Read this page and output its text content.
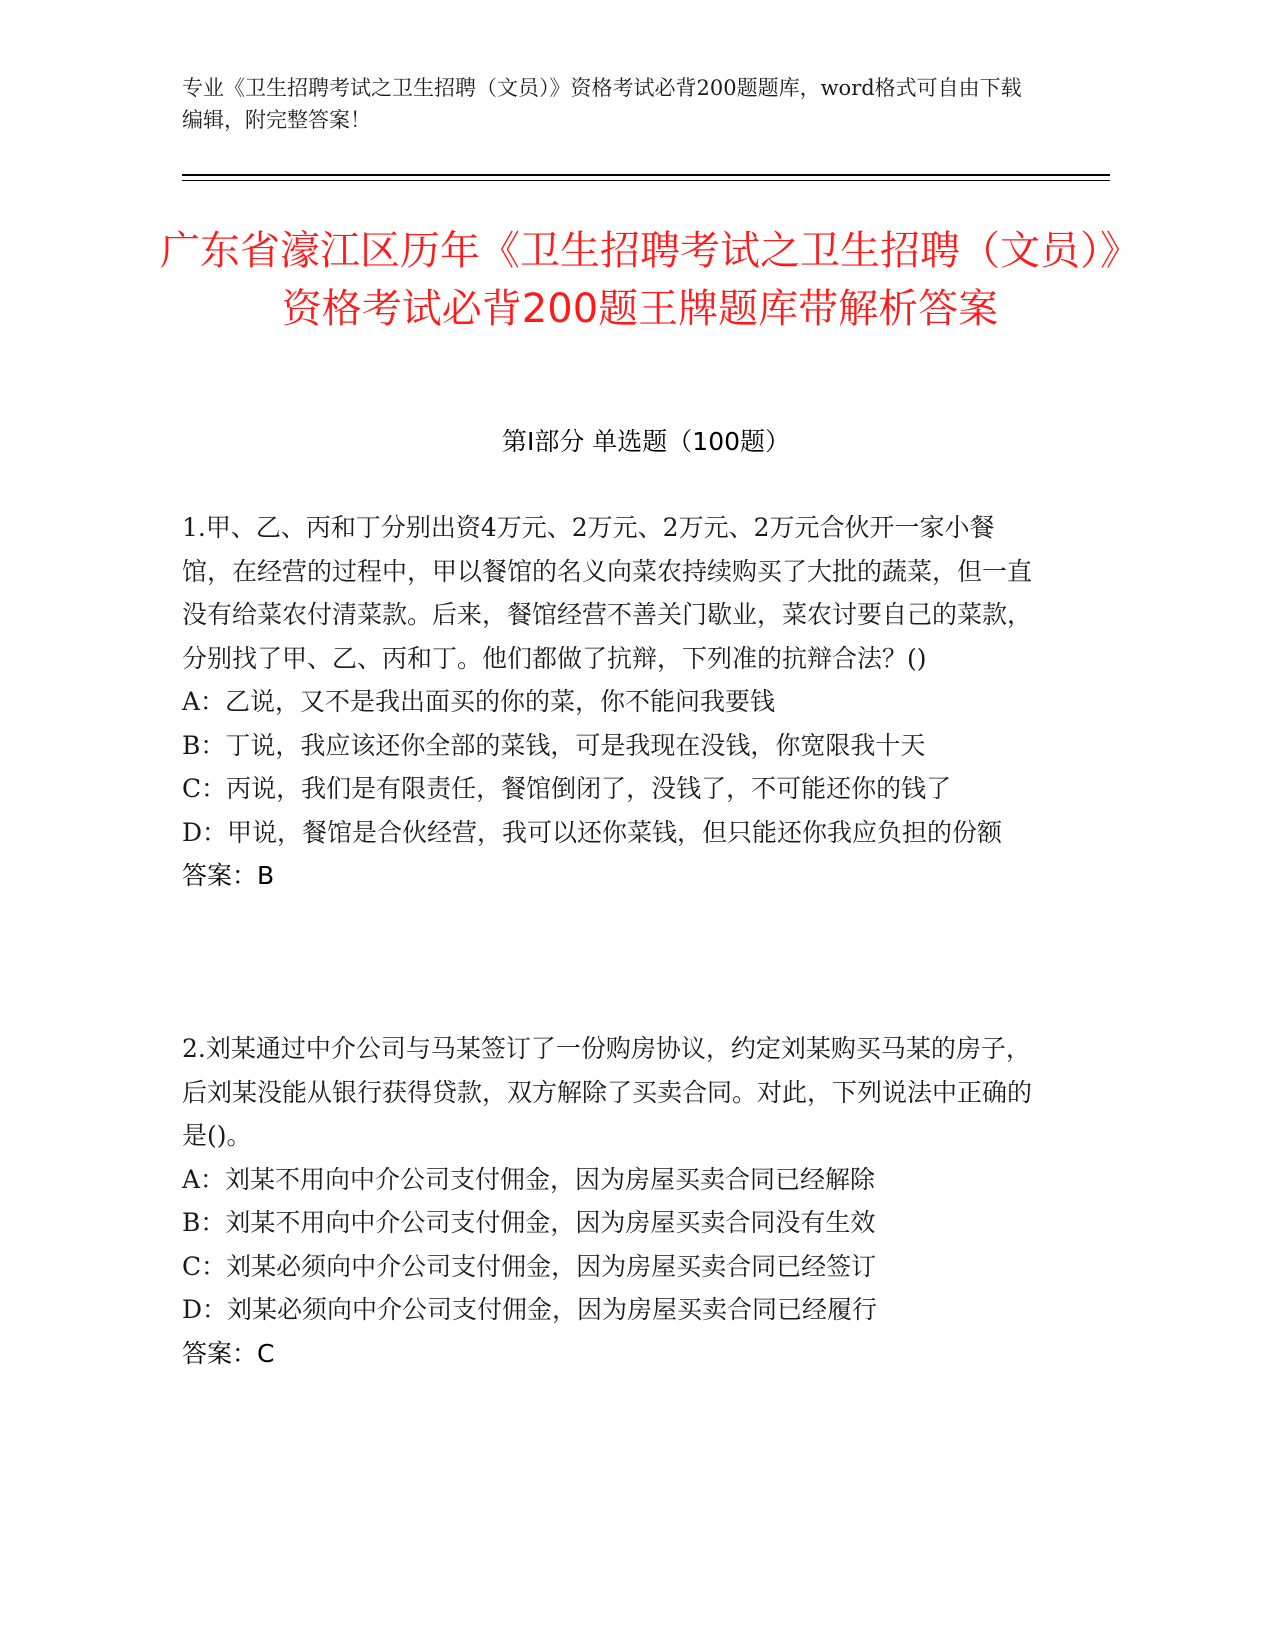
专业《卫生招聘考试之卫生招聘（文员）》资格考试必背200题题库，word格式可自由下载编辑，附完整答案！
广东省濠江区历年《卫生招聘考试之卫生招聘（文员）》资格考试必背200题王牌题库带解析答案
第I部分 单选题（100题）

1.甲、乙、丙和丁分别出资4万元、2万元、2万元、2万元合伙开一家小餐馆，在经营的过程中，甲以餐馆的名义向菜农持续购买了大批的蔬菜，但一直没有给菜农付清菜款。后来，餐馆经营不善关门歇业，菜农讨要自己的菜款，分别找了甲、乙、丙和丁。他们都做了抗辩，下列准的抗辩合法？()

A：乙说，又不是我出面买的你的菜，你不能问我要钱

B：丁说，我应该还你全部的菜钱，可是我现在没钱，你宽限我十天

C：丙说，我们是有限责任，餐馆倒闭了，没钱了，不可能还你的钱了

D：甲说，餐馆是合伙经营，我可以还你菜钱，但只能还你我应负担的份额

答案：B

2.刘某通过中介公司与马某签订了一份购房协议，约定刘某购买马某的房子，后刘某没能从银行获得贷款，双方解除了买卖合同。对此，下列说法中正确的是()。

A：刘某不用向中介公司支付佣金，因为房屋买卖合同已经解除

B：刘某不用向中介公司支付佣金，因为房屋买卖合同没有生效

C：刘某必须向中介公司支付佣金，因为房屋买卖合同已经签订

D：刘某必须向中介公司支付佣金，因为房屋买卖合同已经履行

答案：C
